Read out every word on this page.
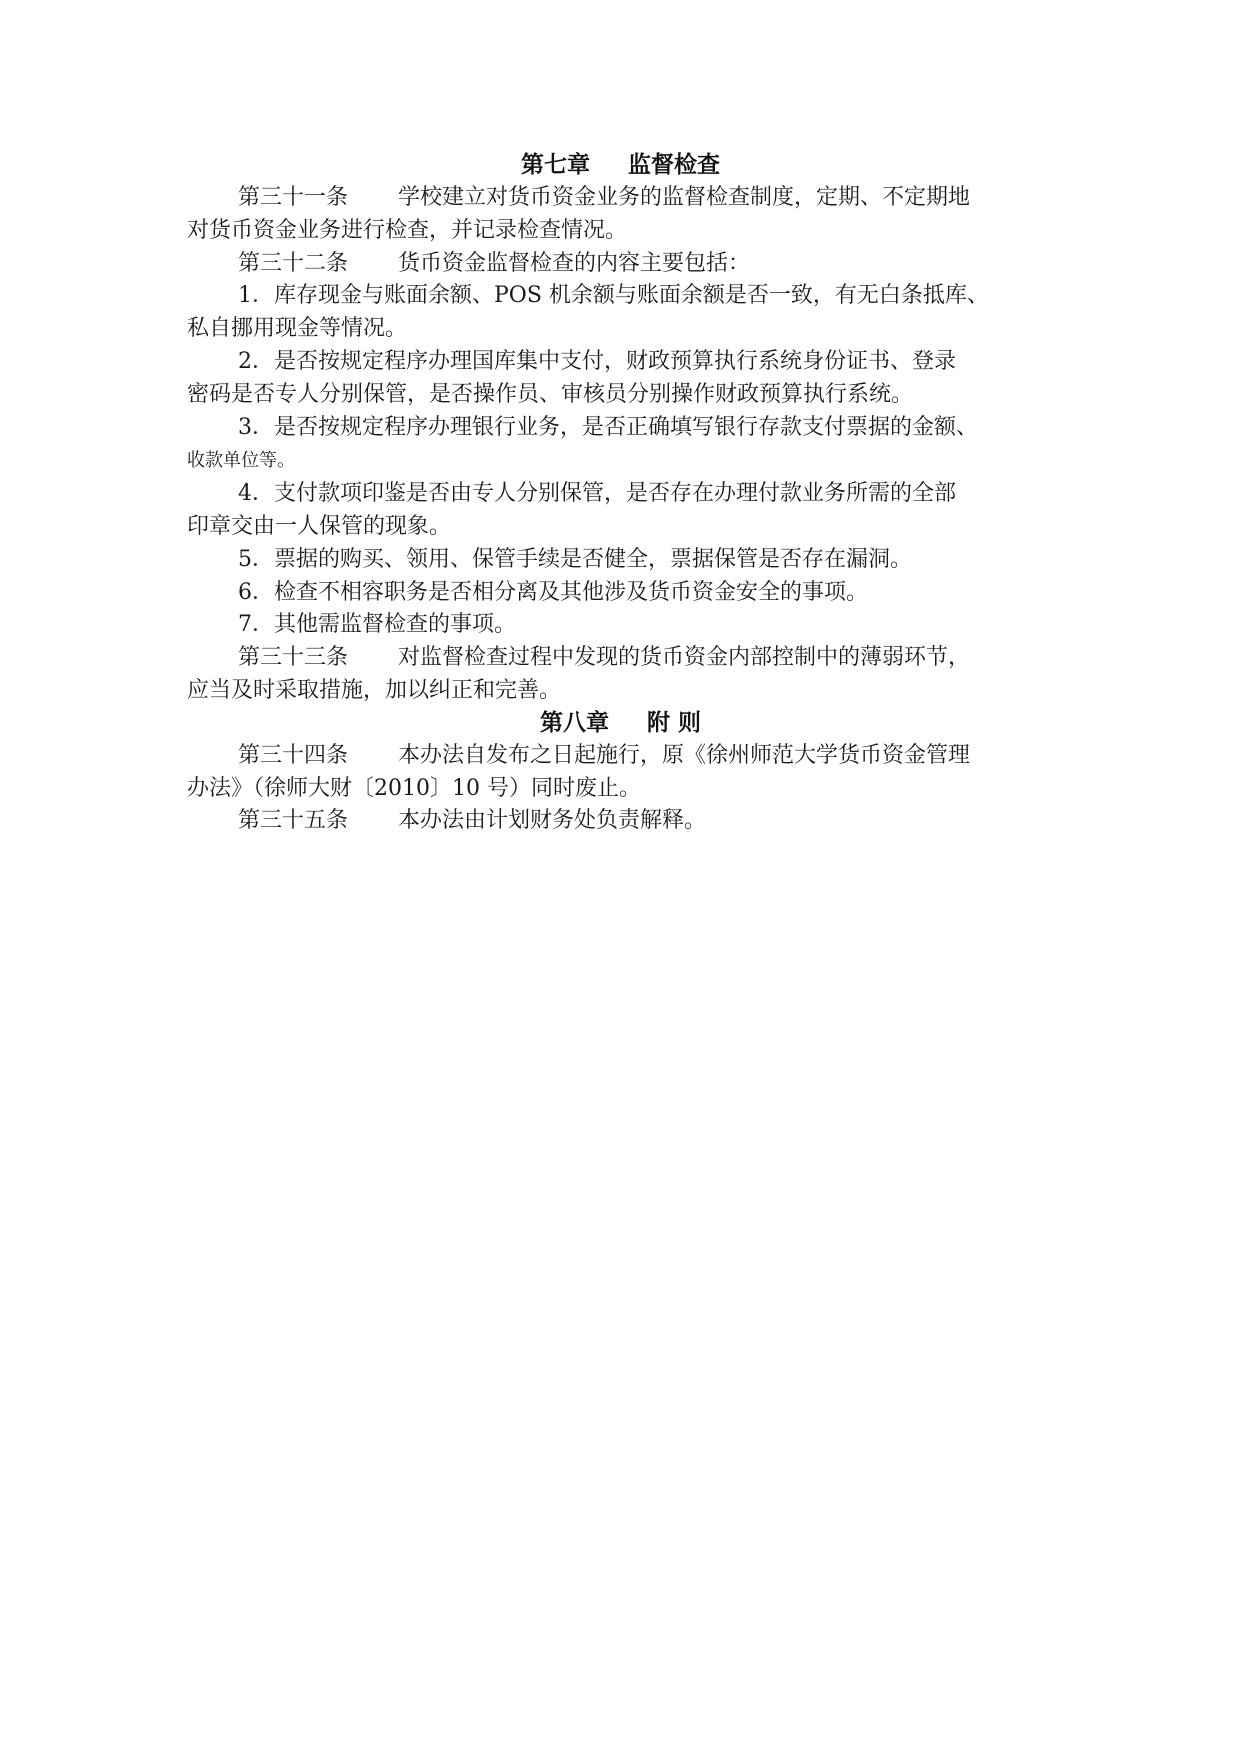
第七章 监督检查
第三十一条 学校建立对货币资金业务的监督检查制度，定期、不定期地
对货币资金业务进行检查，并记录检查情况。
第三十二条 货币资金监督检查的内容主要包括：
1．库存现金与账面余额、POS 机余额与账面余额是否一致，有无白条抵库、
私自挪用现金等情况。
2．是否按规定程序办理国库集中支付，财政预算执行系统身份证书、登录
密码是否专人分别保管，是否操作员、审核员分别操作财政预算执行系统。
3．是否按规定程序办理银行业务，是否正确填写银行存款支付票据的金额、
收款单位等。
4．支付款项印鉴是否由专人分别保管，是否存在办理付款业务所需的全部
印章交由一人保管的现象。
5．票据的购买、领用、保管手续是否健全，票据保管是否存在漏洞。
6．检查不相容职务是否相分离及其他涉及货币资金安全的事项。
7．其他需监督检查的事项。
第三十三条 对监督检查过程中发现的货币资金内部控制中的薄弱环节，
应当及时采取措施，加以纠正和完善。
第八章 附 则
第三十四条 本办法自发布之日起施行，原《徐州师范大学货币资金管理
办法》（徐师大财〔2010〕10 号）同时废止。
第三十五条 本办法由计划财务处负责解释。
